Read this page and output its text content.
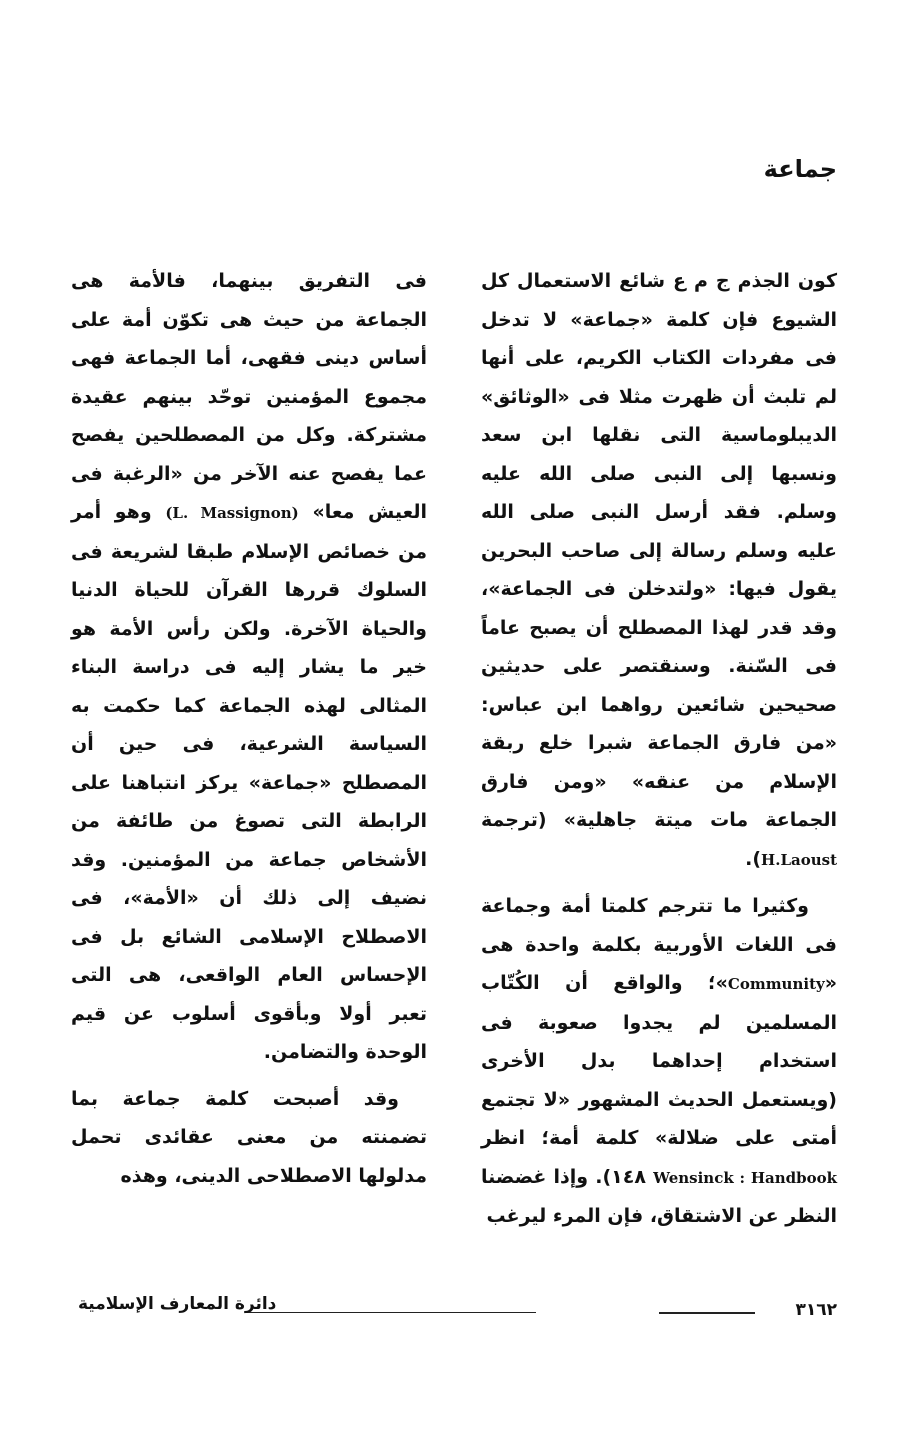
جماعة

كون الجذم ج م ع شائع الاستعمال كل الشيوع فإن كلمة «جماعة» لا تدخل فى مفردات الكتاب الكريم، على أنها لم تلبث أن ظهرت مثلا فى «الوثائق» الديبلوماسية التى نقلها ابن سعد ونسبها إلى النبى صلى الله عليه وسلم. فقد أرسل النبى صلى الله عليه وسلم رسالة إلى صاحب البحرين يقول فيها: «ولتدخلن فى الجماعة»، وقد قدر لهذا المصطلح أن يصبح عاماً فى السّنة. وسنقتصر على حديثين صحيحين شائعين رواهما ابن عباس: «من فارق الجماعة شبرا خلع ربقة الإسلام من عنقه» «ومن فارق الجماعة مات ميتة جاهلية» (ترجمة H.Laoust).

وكثيرا ما تترجم كلمتا أمة وجماعة فى اللغات الأوربية بكلمة واحدة هى «Community»؛ والواقع أن الكُتّاب المسلمين لم يجدوا صعوبة فى استخدام إحداهما بدل الأخرى (ويستعمل الحديث المشهور «لا تجتمع أمتى على ضلالة» كلمة أمة؛ انظر Wensinck : Handbook ١٤٨). وإذا غضضنا النظر عن الاشتقاق، فإن المرء ليرغب

فى التفريق بينهما، فالأمة هى الجماعة من حيث هى تكوّن أمة على أساس دينى فقهى، أما الجماعة فهى مجموع المؤمنين توحّد بينهم عقيدة مشتركة. وكل من المصطلحين يفصح عما يفصح عنه الآخر من «الرغبة فى العيش معا» (L. Massignon) وهو أمر من خصائص الإسلام طبقا لشريعة فى السلوك قررها القرآن للحياة الدنيا والحياة الآخرة. ولكن رأس الأمة هو خير ما يشار إليه فى دراسة البناء المثالى لهذه الجماعة كما حكمت به السياسة الشرعية، فى حين أن المصطلح «جماعة» يركز انتباهنا على الرابطة التى تصوغ من طائفة من الأشخاص جماعة من المؤمنين. وقد نضيف إلى ذلك أن «الأمة»، فى الاصطلاح الإسلامى الشائع بل فى الإحساس العام الواقعى، هى التى تعبر أولا وبأقوى أسلوب عن قيم الوحدة والتضامن.

وقد أصبحت كلمة جماعة بما تضمنته من معنى عقائدى تحمل مدلولها الاصطلاحى الدينى، وهذه

٣١٦٢
دائرة المعارف الإسلامية
